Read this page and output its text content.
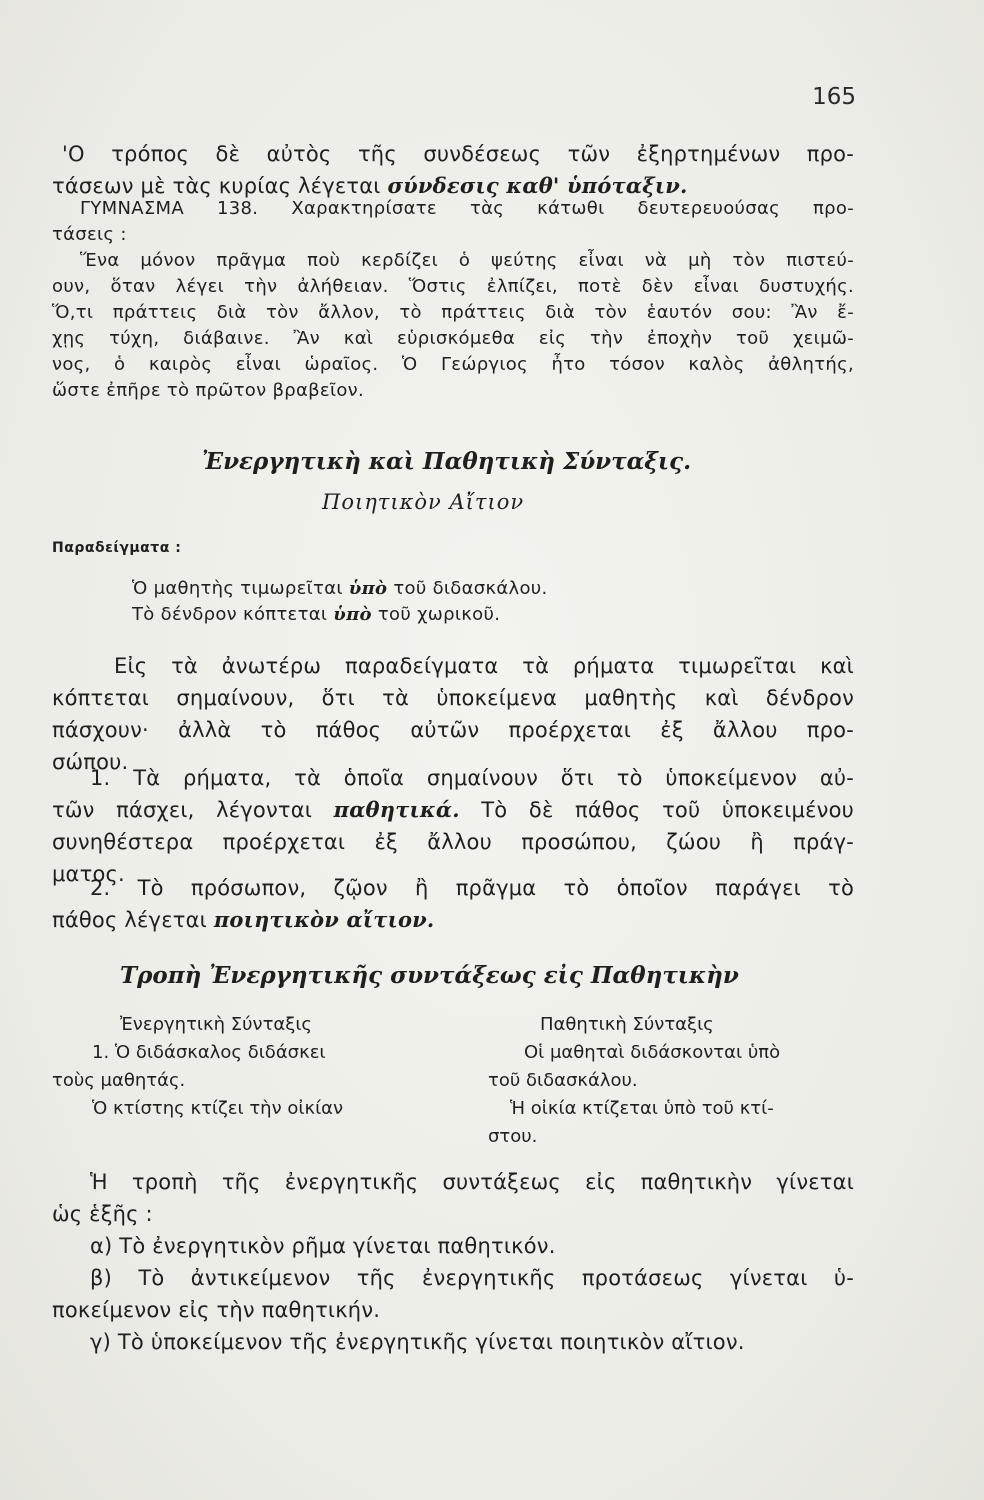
165
'Ο τρόπος δὲ αὐτὸς τῆς συνδέσεως τῶν ἐξηρτημένων προ-
τάσεων μὲ τὰς κυρίας λέγεται σύνδεσις καθ' ὑπόταξιν.
ΓΥΜΝΑΣΜΑ 138. Χαρακτηρίσατε τὰς κάτωθι δευτερευούσας προ-
τάσεις :
Ἕνα μόνον πρᾶγμα ποὺ κερδίζει ὁ ψεύτης εἶναι νὰ μὴ τὸν πιστεύ-
ουν, ὅταν λέγει τὴν ἀλήθειαν. Ὅστις ἐλπίζει, ποτὲ δὲν εἶναι δυστυχής.
Ὅ,τι πράττεις διὰ τὸν ἄλλον, τὸ πράττεις διὰ τὸν ἑαυτόν σου: Ἂν ἔ-
χῃς τύχη, διάβαινε. Ἂν καὶ εὑρισκόμεθα εἰς τὴν ἐποχὴν τοῦ χειμῶ-
νος, ὁ καιρὸς εἶναι ὡραῖος. Ὁ Γεώργιος ἦτο τόσον καλὸς ἀθλητής,
ὥστε ἐπῆρε τὸ πρῶτον βραβεῖον.
Ἐνεργητικὴ καὶ Παθητικὴ Σύνταξις.
Ποιητικὸν Αἴτιον
Παραδείγματα :
Ὁ μαθητὴς τιμωρεῖται ὑπὸ τοῦ διδασκάλου.
Τὸ δένδρον κόπτεται ὑπὸ τοῦ χωρικοῦ.
Εἰς τὰ ἀνωτέρω παραδείγματα τὰ ρήματα τιμωρεῖται καὶ
κόπτεται σημαίνουν, ὅτι τὰ ὑποκείμενα μαθητὴς καὶ δένδρον
πάσχουν· ἀλλὰ τὸ πάθος αὐτῶν προέρχεται ἐξ ἄλλου προ-
σώπου.
1. Τὰ ρήματα, τὰ ὁποῖα σημαίνουν ὅτι τὸ ὑποκείμενον αὐ-
τῶν πάσχει, λέγονται παθητικά. Τὸ δὲ πάθος τοῦ ὑποκειμένου
συνηθέστερα προέρχεται ἐξ ἄλλου προσώπου, ζώου ἢ πράγ-
ματος.
2. Τὸ πρόσωπον, ζῷον ἢ πρᾶγμα τὸ ὁποῖον παράγει τὸ
πάθος λέγεται ποιητικὸν αἴτιον.
Τροπὴ Ἐνεργητικῆς συντάξεως εἰς Παθητικὴν
Ἐνεργητικὴ Σύνταξις	Παθητικὴ Σύνταξις
1. Ὁ διδάσκαλος διδάσκει
τοὺς μαθητάς.
Ὁ κτίστης κτίζει τὴν οἰκίαν
Οἱ μαθηταὶ διδάσκονται ὑπὸ
τοῦ διδασκάλου.
Ἡ οἰκία κτίζεται ὑπὸ τοῦ κτί-
στου.
Ἡ τροπὴ τῆς ἐνεργητικῆς συντάξεως εἰς παθητικὴν γίνεται
ὡς ἑξῆς :
α) Τὸ ἐνεργητικὸν ρῆμα γίνεται παθητικόν.
β) Τὸ ἀντικείμενον τῆς ἐνεργητικῆς προτάσεως γίνεται ὑ-
ποκείμενον εἰς τὴν παθητικήν.
γ) Τὸ ὑποκείμενον τῆς ἐνεργητικῆς γίνεται ποιητικὸν αἴτιον.
